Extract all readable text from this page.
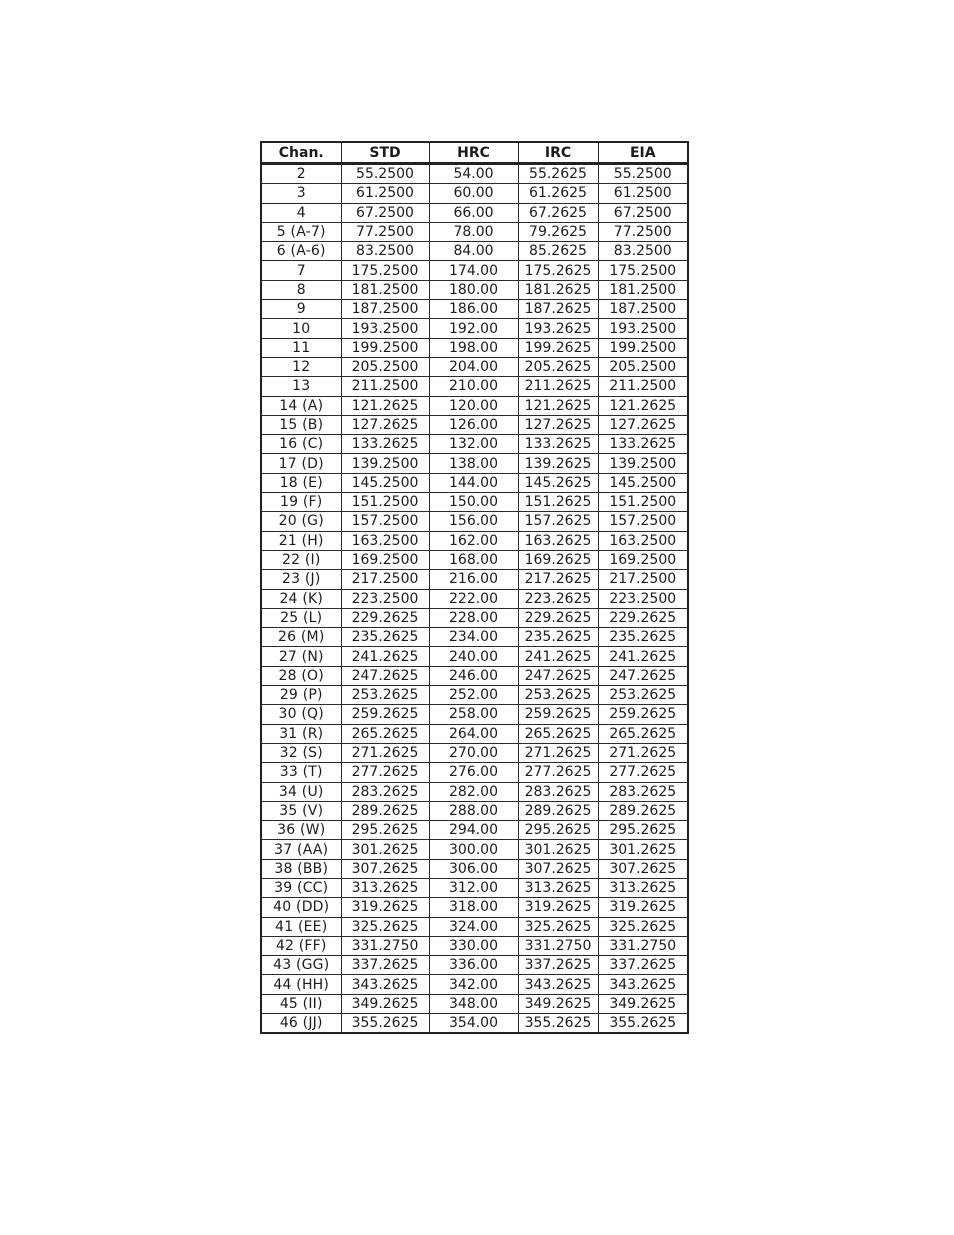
Chan.	STD	HRC	IRC	EIA
2	55.2500	54.00	55.2625	55.2500
3	61.2500	60.00	61.2625	61.2500
4	67.2500	66.00	67.2625	67.2500
5 (A-7)	77.2500	78.00	79.2625	77.2500
6 (A-6)	83.2500	84.00	85.2625	83.2500
7	175.2500	174.00	175.2625	175.2500
8	181.2500	180.00	181.2625	181.2500
9	187.2500	186.00	187.2625	187.2500
10	193.2500	192.00	193.2625	193.2500
11	199.2500	198.00	199.2625	199.2500
12	205.2500	204.00	205.2625	205.2500
13	211.2500	210.00	211.2625	211.2500
14 (A)	121.2625	120.00	121.2625	121.2625
15 (B)	127.2625	126.00	127.2625	127.2625
16 (C)	133.2625	132.00	133.2625	133.2625
17 (D)	139.2500	138.00	139.2625	139.2500
18 (E)	145.2500	144.00	145.2625	145.2500
19 (F)	151.2500	150.00	151.2625	151.2500
20 (G)	157.2500	156.00	157.2625	157.2500
21 (H)	163.2500	162.00	163.2625	163.2500
22 (I)	169.2500	168.00	169.2625	169.2500
23 (J)	217.2500	216.00	217.2625	217.2500
24 (K)	223.2500	222.00	223.2625	223.2500
25 (L)	229.2625	228.00	229.2625	229.2625
26 (M)	235.2625	234.00	235.2625	235.2625
27 (N)	241.2625	240.00	241.2625	241.2625
28 (O)	247.2625	246.00	247.2625	247.2625
29 (P)	253.2625	252.00	253.2625	253.2625
30 (Q)	259.2625	258.00	259.2625	259.2625
31 (R)	265.2625	264.00	265.2625	265.2625
32 (S)	271.2625	270.00	271.2625	271.2625
33 (T)	277.2625	276.00	277.2625	277.2625
34 (U)	283.2625	282.00	283.2625	283.2625
35 (V)	289.2625	288.00	289.2625	289.2625
36 (W)	295.2625	294.00	295.2625	295.2625
37 (AA)	301.2625	300.00	301.2625	301.2625
38 (BB)	307.2625	306.00	307.2625	307.2625
39 (CC)	313.2625	312.00	313.2625	313.2625
40 (DD)	319.2625	318.00	319.2625	319.2625
41 (EE)	325.2625	324.00	325.2625	325.2625
42 (FF)	331.2750	330.00	331.2750	331.2750
43 (GG)	337.2625	336.00	337.2625	337.2625
44 (HH)	343.2625	342.00	343.2625	343.2625
45 (II)	349.2625	348.00	349.2625	349.2625
46 (JJ)	355.2625	354.00	355.2625	355.2625
